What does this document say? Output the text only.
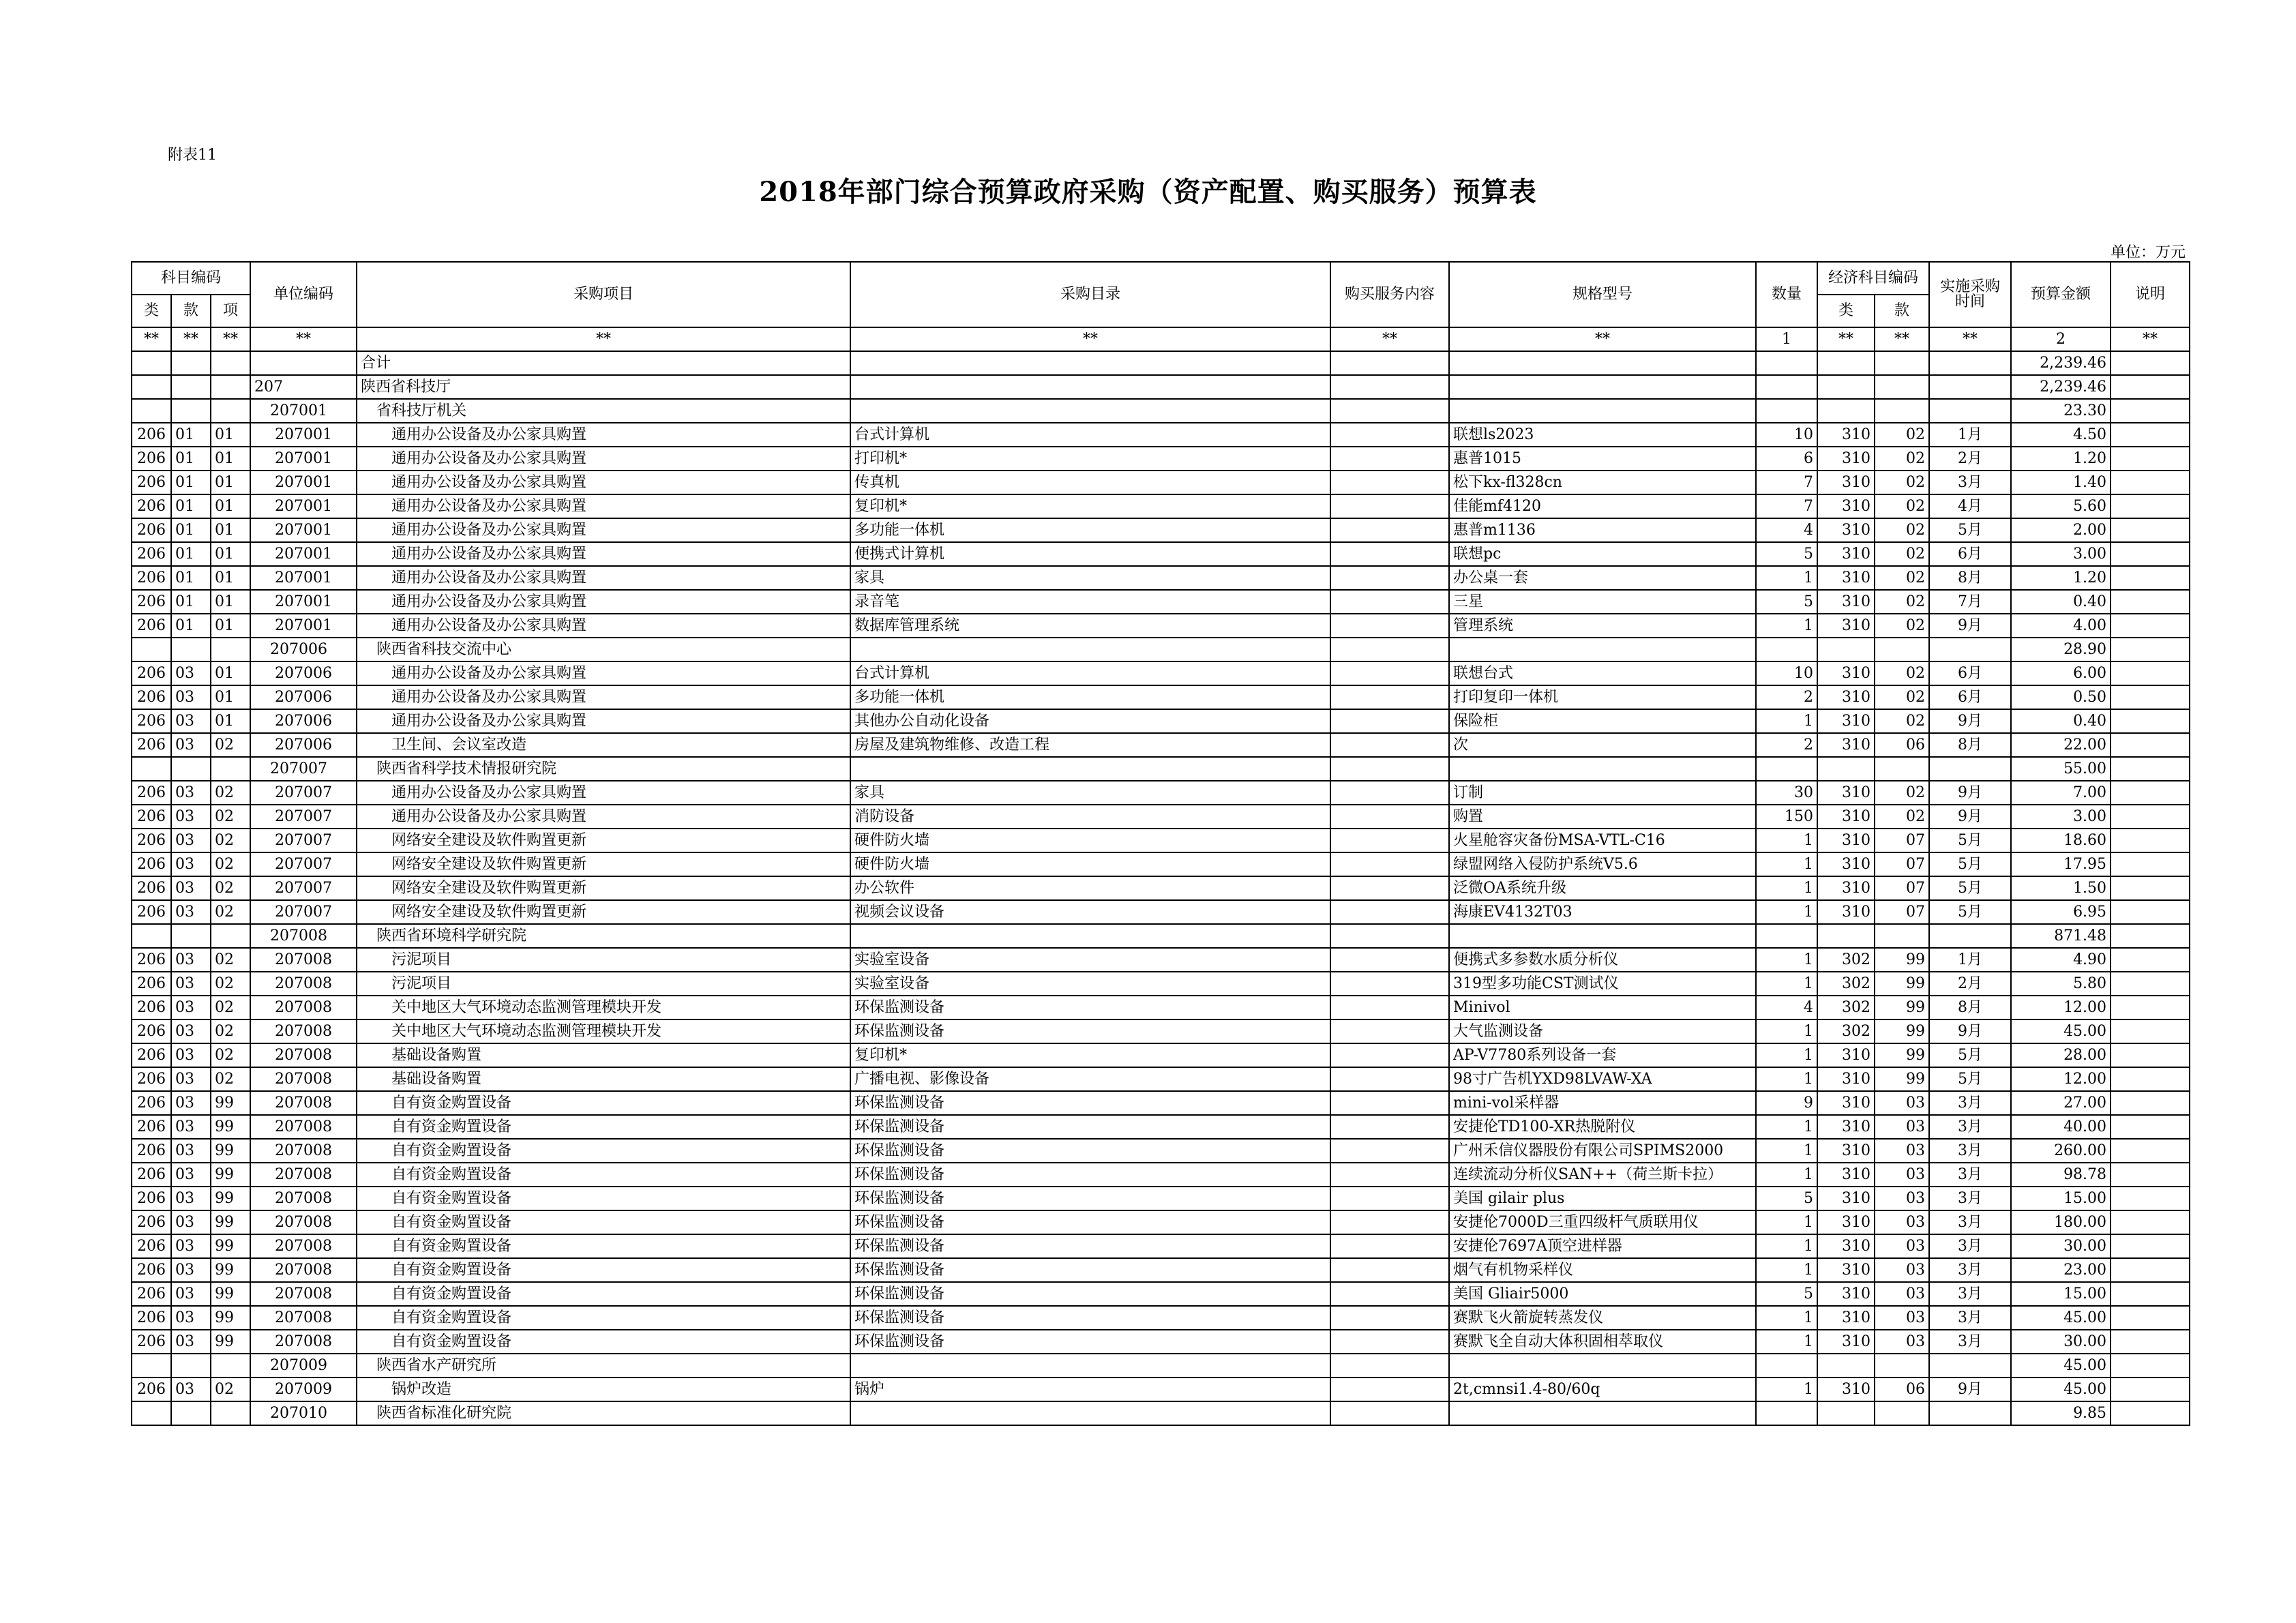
附表11
2018年部门综合预算政府采购（资产配置、购买服务）预算表
单位：万元
科目编码			单位编码	采购项目	采购目录	购买服务内容	规格型号	数量	经济科目编码		实施采购时间	预算金额	说明
类	款	项							类	款			
**	**	**	**	**	**	**	**	1	**	**	**	2	**
				合计								2,239.46	
			207	陕西省科技厅								2,239.46	
			207001	省科技厅机关								23.30	
206	01	01	207001	通用办公设备及办公家具购置	台式计算机		联想ls2023	10	310	02	1月	4.50	
206	01	01	207001	通用办公设备及办公家具购置	打印机*		惠普1015	6	310	02	2月	1.20	
206	01	01	207001	通用办公设备及办公家具购置	传真机		松下kx-fl328cn	7	310	02	3月	1.40	
206	01	01	207001	通用办公设备及办公家具购置	复印机*		佳能mf4120	7	310	02	4月	5.60	
206	01	01	207001	通用办公设备及办公家具购置	多功能一体机		惠普m1136	4	310	02	5月	2.00	
206	01	01	207001	通用办公设备及办公家具购置	便携式计算机		联想pc	5	310	02	6月	3.00	
206	01	01	207001	通用办公设备及办公家具购置	家具		办公桌一套	1	310	02	8月	1.20	
206	01	01	207001	通用办公设备及办公家具购置	录音笔		三星	5	310	02	7月	0.40	
206	01	01	207001	通用办公设备及办公家具购置	数据库管理系统		管理系统	1	310	02	9月	4.00	
			207006	陕西省科技交流中心								28.90	
206	03	01	207006	通用办公设备及办公家具购置	台式计算机		联想台式	10	310	02	6月	6.00	
206	03	01	207006	通用办公设备及办公家具购置	多功能一体机		打印复印一体机	2	310	02	6月	0.50	
206	03	01	207006	通用办公设备及办公家具购置	其他办公自动化设备		保险柜	1	310	02	9月	0.40	
206	03	02	207006	卫生间、会议室改造	房屋及建筑物维修、改造工程		次	2	310	06	8月	22.00	
			207007	陕西省科学技术情报研究院								55.00	
206	03	02	207007	通用办公设备及办公家具购置	家具		订制	30	310	02	9月	7.00	
206	03	02	207007	通用办公设备及办公家具购置	消防设备		购置	150	310	02	9月	3.00	
206	03	02	207007	网络安全建设及软件购置更新	硬件防火墙		火星舱容灾备份MSA-VTL-C16	1	310	07	5月	18.60	
206	03	02	207007	网络安全建设及软件购置更新	硬件防火墙		绿盟网络入侵防护系统V5.6	1	310	07	5月	17.95	
206	03	02	207007	网络安全建设及软件购置更新	办公软件		泛微OA系统升级	1	310	07	5月	1.50	
206	03	02	207007	网络安全建设及软件购置更新	视频会议设备		海康EV4132T03	1	310	07	5月	6.95	
			207008	陕西省环境科学研究院								871.48	
206	03	02	207008	污泥项目	实验室设备		便携式多参数水质分析仪	1	302	99	1月	4.90	
206	03	02	207008	污泥项目	实验室设备		319型多功能CST测试仪	1	302	99	2月	5.80	
206	03	02	207008	关中地区大气环境动态监测管理模块开发	环保监测设备		Minivol	4	302	99	8月	12.00	
206	03	02	207008	关中地区大气环境动态监测管理模块开发	环保监测设备		大气监测设备	1	302	99	9月	45.00	
206	03	02	207008	基础设备购置	复印机*		AP-V7780系列设备一套	1	310	99	5月	28.00	
206	03	02	207008	基础设备购置	广播电视、影像设备		98寸广告机YXD98LVAW-XA	1	310	99	5月	12.00	
206	03	99	207008	自有资金购置设备	环保监测设备		mini-vol采样器	9	310	03	3月	27.00	
206	03	99	207008	自有资金购置设备	环保监测设备		安捷伦TD100-XR热脱附仪	1	310	03	3月	40.00	
206	03	99	207008	自有资金购置设备	环保监测设备		广州禾信仪器股份有限公司SPIMS2000	1	310	03	3月	260.00	
206	03	99	207008	自有资金购置设备	环保监测设备		连续流动分析仪SAN++（荷兰斯卡拉）	1	310	03	3月	98.78	
206	03	99	207008	自有资金购置设备	环保监测设备		美国 gilair plus	5	310	03	3月	15.00	
206	03	99	207008	自有资金购置设备	环保监测设备		安捷伦7000D三重四级杆气质联用仪	1	310	03	3月	180.00	
206	03	99	207008	自有资金购置设备	环保监测设备		安捷伦7697A顶空进样器	1	310	03	3月	30.00	
206	03	99	207008	自有资金购置设备	环保监测设备		烟气有机物采样仪	1	310	03	3月	23.00	
206	03	99	207008	自有资金购置设备	环保监测设备		美国 Gliair5000	5	310	03	3月	15.00	
206	03	99	207008	自有资金购置设备	环保监测设备		赛默飞火箭旋转蒸发仪	1	310	03	3月	45.00	
206	03	99	207008	自有资金购置设备	环保监测设备		赛默飞全自动大体积固相萃取仪	1	310	03	3月	30.00	
			207009	陕西省水产研究所								45.00	
206	03	02	207009	锅炉改造	锅炉		2t,cmnsi1.4-80/60q	1	310	06	9月	45.00	
			207010	陕西省标准化研究院								9.85	
